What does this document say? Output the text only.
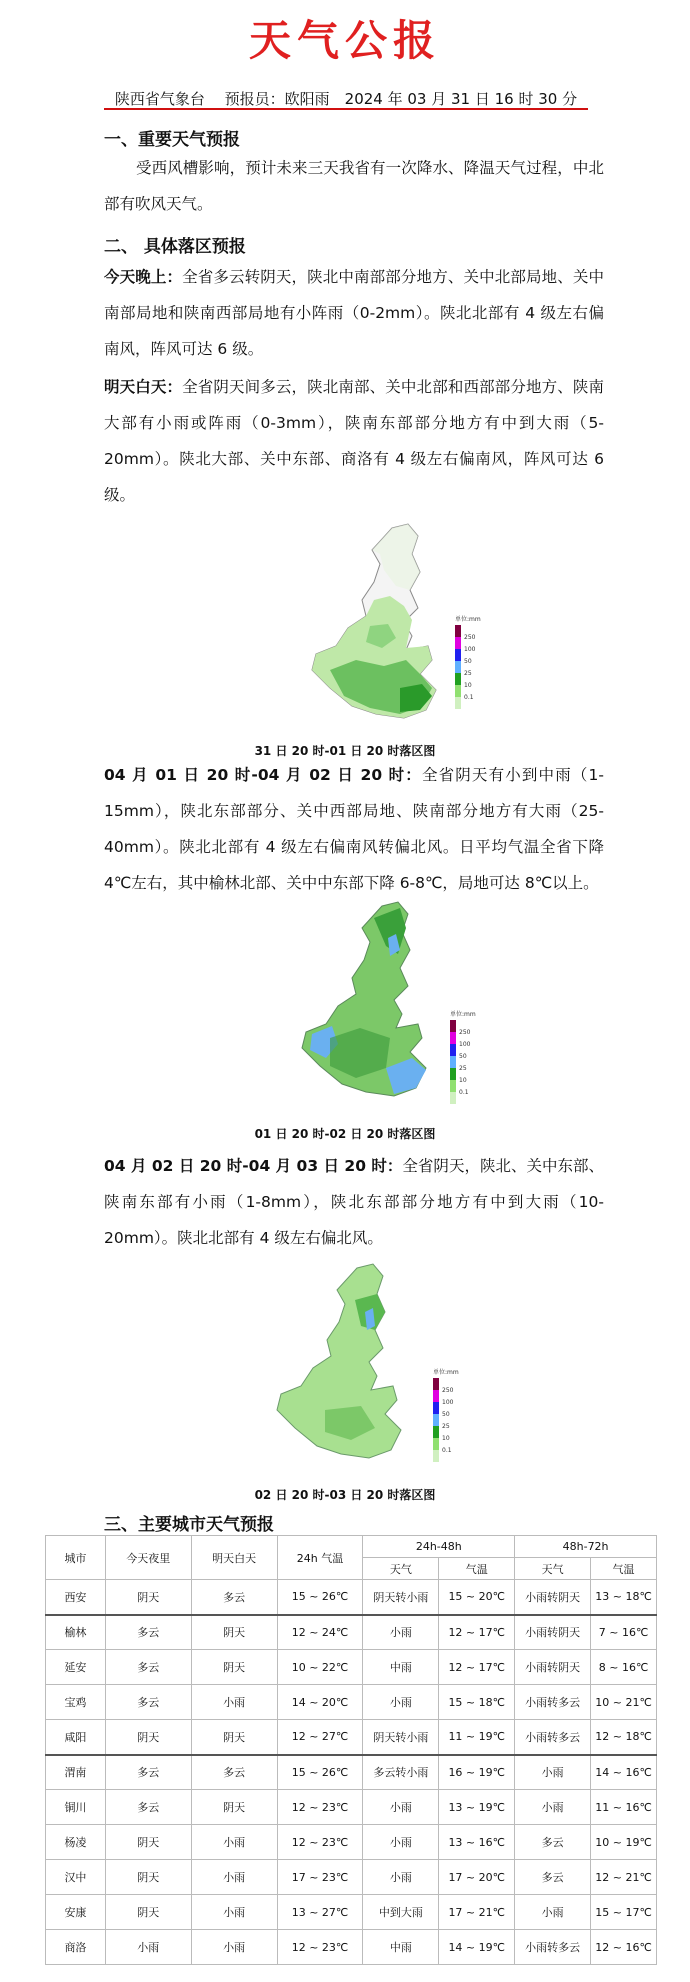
天气公报
陕西省气象台　 预报员：欧阳雨　2024 年 03 月 31 日 16 时 30 分
一、重要天气预报
受西风槽影响，预计未来三天我省有一次降水、降温天气过程，中北部有吹风天气。
二、 具体落区预报
今天晚上：全省多云转阴天，陕北中南部部分地方、关中北部局地、关中南部局地和陕南西部局地有小阵雨（0-2mm）。陕北北部有 4 级左右偏南风，阵风可达 6 级。
明天白天：全省阴天间多云，陕北南部、关中北部和西部部分地方、陕南大部有小雨或阵雨（0-3mm），陕南东部部分地方有中到大雨（5-20mm）。陕北大部、关中东部、商洛有 4 级左右偏南风，阵风可达 6 级。
单位:mm
250
100
50
25
10
0.1
31 日 20 时-01 日 20 时落区图
04 月 01 日 20 时-04 月 02 日 20 时：全省阴天有小到中雨（1-15mm），陕北东部部分、关中西部局地、陕南部分地方有大雨（25-40mm）。陕北北部有 4 级左右偏南风转偏北风。日平均气温全省下降 4℃左右，其中榆林北部、关中中东部下降 6-8℃，局地可达 8℃以上。
单位:mm
250
100
50
25
10
0.1
01 日 20 时-02 日 20 时落区图
04 月 02 日 20 时-04 月 03 日 20 时：全省阴天，陕北、关中东部、陕南东部有小雨（1-8mm），陕北东部部分地方有中到大雨（10-20mm）。陕北北部有 4 级左右偏北风。
单位:mm
250
100
50
25
10
0.1
02 日 20 时-03 日 20 时落区图
三、主要城市天气预报
城市	今天夜里	明天白天	24h 气温	24h-48h		48h-72h	
				天气	气温	天气	气温
西安	阴天	多云	15 ~ 26℃	阴天转小雨	15 ~ 20℃	小雨转阴天	13 ~ 18℃
榆林	多云	阴天	12 ~ 24℃	小雨	12 ~ 17℃	小雨转阴天	7 ~ 16℃
延安	多云	阴天	10 ~ 22℃	中雨	12 ~ 17℃	小雨转阴天	8 ~ 16℃
宝鸡	多云	小雨	14 ~ 20℃	小雨	15 ~ 18℃	小雨转多云	10 ~ 21℃
咸阳	阴天	阴天	12 ~ 27℃	阴天转小雨	11 ~ 19℃	小雨转多云	12 ~ 18℃
渭南	多云	多云	15 ~ 26℃	多云转小雨	16 ~ 19℃	小雨	14 ~ 16℃
铜川	多云	阴天	12 ~ 23℃	小雨	13 ~ 19℃	小雨	11 ~ 16℃
杨凌	阴天	小雨	12 ~ 23℃	小雨	13 ~ 16℃	多云	10 ~ 19℃
汉中	阴天	小雨	17 ~ 23℃	小雨	17 ~ 20℃	多云	12 ~ 21℃
安康	阴天	小雨	13 ~ 27℃	中到大雨	17 ~ 21℃	小雨	15 ~ 17℃
商洛	小雨	小雨	12 ~ 23℃	中雨	14 ~ 19℃	小雨转多云	12 ~ 16℃
